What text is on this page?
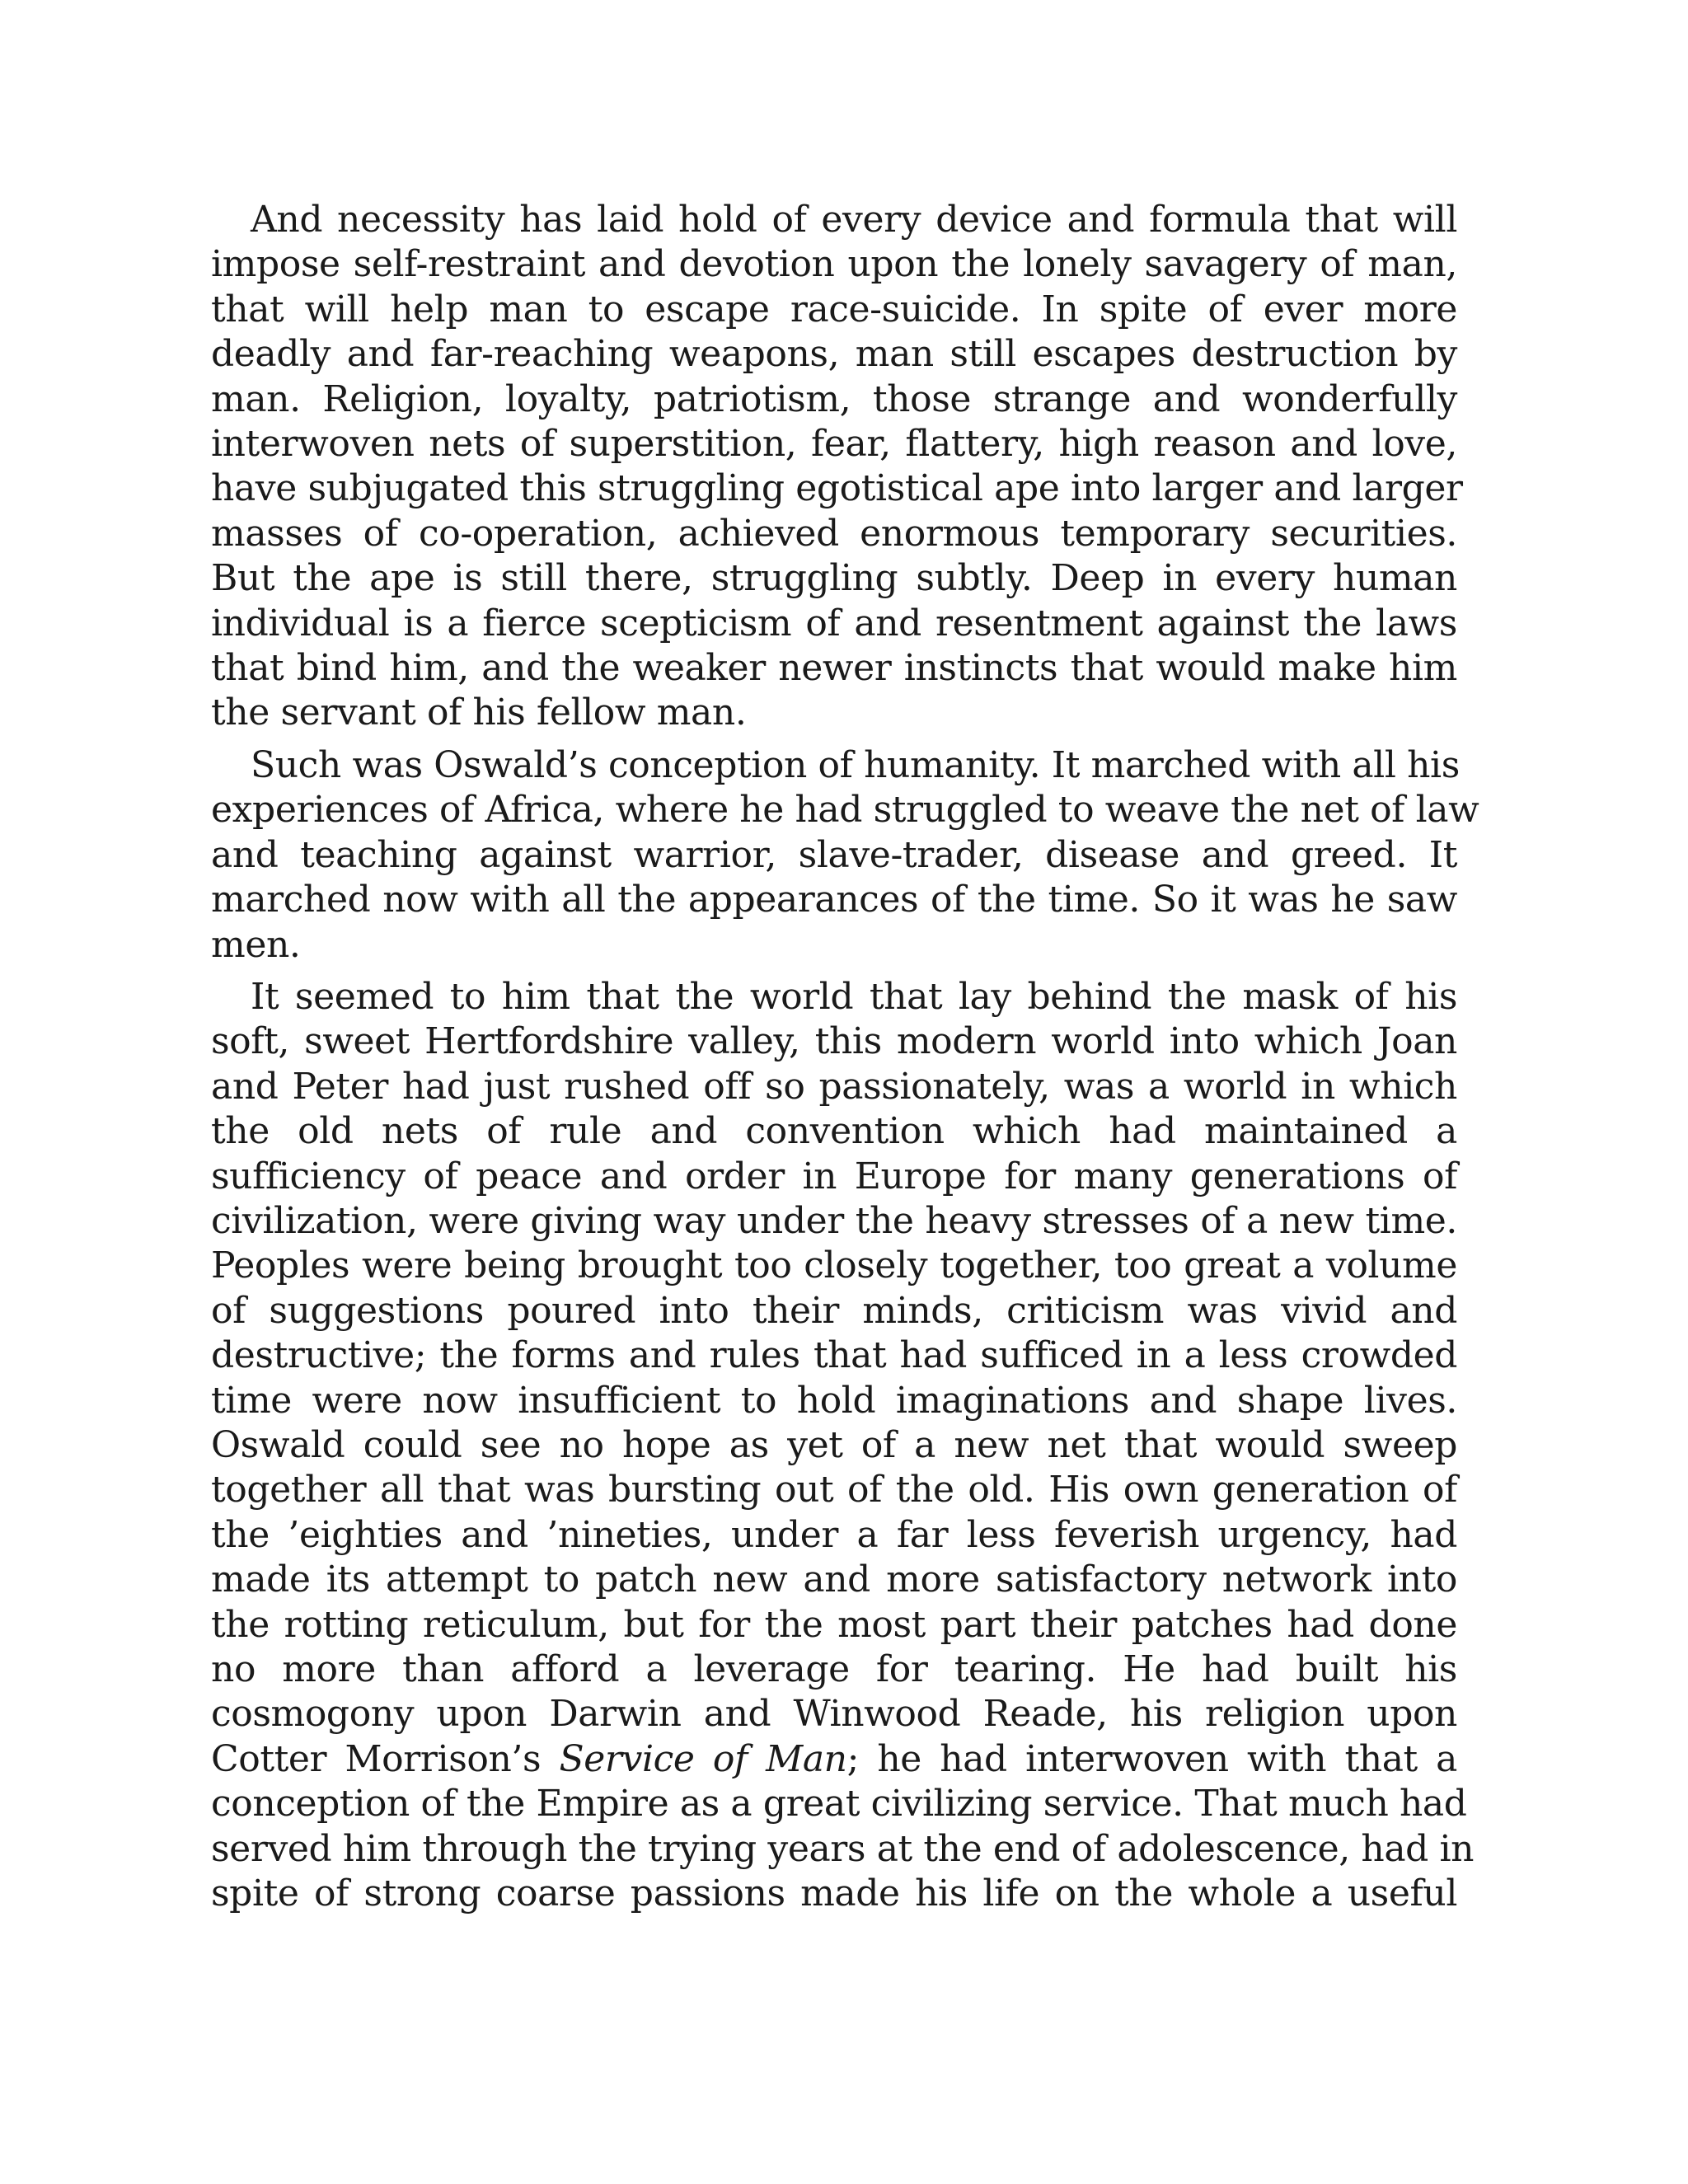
And necessity has laid hold of every device and formula that will
impose self-restraint and devotion upon the lonely savagery of man,
that will help man to escape race-suicide. In spite of ever more
deadly and far-reaching weapons, man still escapes destruction by
man. Religion, loyalty, patriotism, those strange and wonderfully
interwoven nets of superstition, fear, flattery, high reason and love,
have subjugated this struggling egotistical ape into larger and larger
masses of co-operation, achieved enormous temporary securities.
But the ape is still there, struggling subtly. Deep in every human
individual is a fierce scepticism of and resentment against the laws
that bind him, and the weaker newer instincts that would make him
the servant of his fellow man.
Such was Oswald’s conception of humanity. It marched with all his
experiences of Africa, where he had struggled to weave the net of law
and teaching against warrior, slave-trader, disease and greed. It
marched now with all the appearances of the time. So it was he saw
men.
It seemed to him that the world that lay behind the mask of his
soft, sweet Hertfordshire valley, this modern world into which Joan
and Peter had just rushed off so passionately, was a world in which
the old nets of rule and convention which had maintained a
sufficiency of peace and order in Europe for many generations of
civilization, were giving way under the heavy stresses of a new time.
Peoples were being brought too closely together, too great a volume
of suggestions poured into their minds, criticism was vivid and
destructive; the forms and rules that had sufficed in a less crowded
time were now insufficient to hold imaginations and shape lives.
Oswald could see no hope as yet of a new net that would sweep
together all that was bursting out of the old. His own generation of
the ’eighties and ’nineties, under a far less feverish urgency, had
made its attempt to patch new and more satisfactory network into
the rotting reticulum, but for the most part their patches had done
no more than afford a leverage for tearing. He had built his
cosmogony upon Darwin and Winwood Reade, his religion upon
Cotter Morrison’s Service of Man; he had interwoven with that a
conception of the Empire as a great civilizing service. That much had
served him through the trying years at the end of adolescence, had in
spite of strong coarse passions made his life on the whole a useful
